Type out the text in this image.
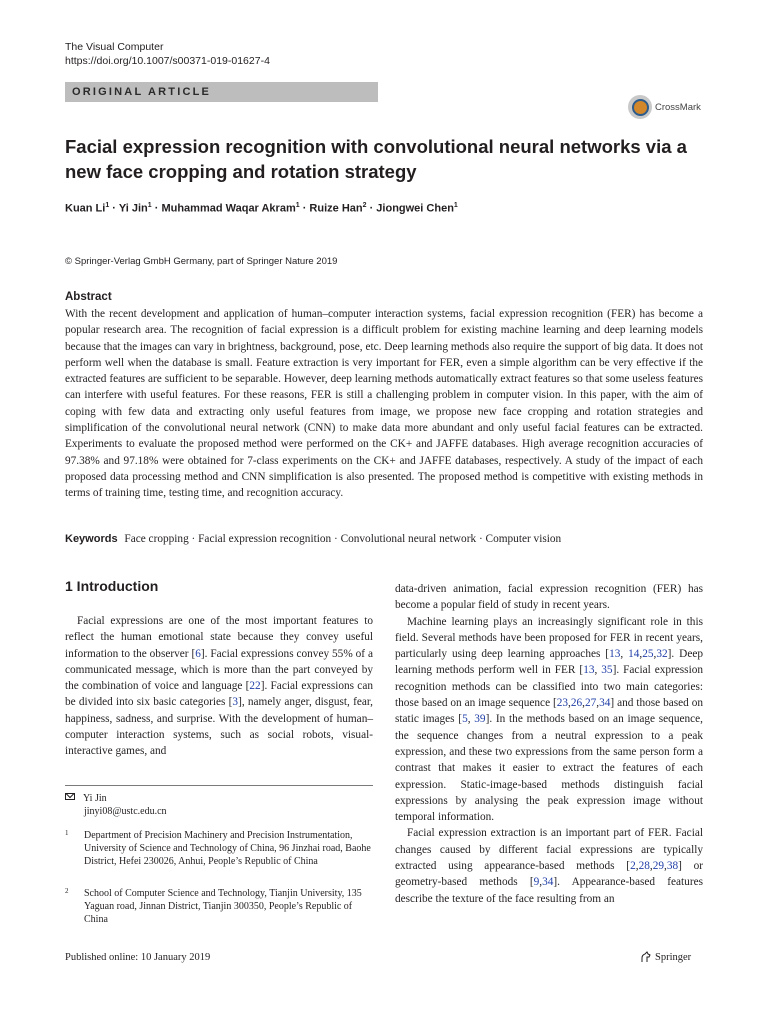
The Visual Computer
https://doi.org/10.1007/s00371-019-01627-4
ORIGINAL ARTICLE
CrossMark
Facial expression recognition with convolutional neural networks via a new face cropping and rotation strategy
Kuan $Li^1 \cdot Yi$ Jin$^1$ · Muhammad Waqar Akram$^1$ · Ruize Han$^2$ · Jiongwei Chen$^1$
© Springer-Verlag GmbH Germany, part of Springer Nature 2019
Abstract
With the recent development and application of human–computer interaction systems, facial expression recognition (FER) has become a popular research area. The recognition of facial expression is a difficult problem for existing machine learning and deep learning models because that the images can vary in brightness, background, pose, etc. Deep learning methods also require the support of big data. It does not perform well when the database is small. Feature extraction is very important for FER, even a simple algorithm can be very effective if the extracted features are sufficient to be separable. However, deep learning methods automatically extract features so that some useless features can interfere with useful features. For these reasons, FER is still a challenging problem in computer vision. In this paper, with the aim of coping with few data and extracting only useful features from image, we propose new face cropping and rotation strategies and simplification of the convolutional neural network (CNN) to make data more abundant and only useful facial features can be extracted. Experiments to evaluate the proposed method were performed on the CK+ and JAFFE databases. High average recognition accuracies of 97.38% and 97.18% were obtained for 7-class experiments on the CK+ and JAFFE databases, respectively. A study of the impact of each proposed data processing method and CNN simplification is also presented. The proposed method is competitive with existing methods in terms of training time, testing time, and recognition accuracy.
Keywords Face cropping · Facial expression recognition · Convolutional neural network · Computer vision
1 Introduction

Facial expressions are one of the most important features to reflect the human emotional state because they convey useful information to the observer [6]. Facial expressions convey 55% of a communicated message, which is more than the part conveyed by the combination of voice and language [22]. Facial expressions can be divided into six basic categories [3], namely anger, disgust, fear, happiness, sadness, and surprise. With the development of human–computer interaction systems, such as social robots, visual-interactive games, and

data-driven animation, facial expression recognition (FER) has become a popular field of study in recent years.

Machine learning plays an increasingly significant role in this field. Several methods have been proposed for FER in recent years, particularly using deep learning approaches [13, 14,25,32]. Deep learning methods perform well in FER [13, 35]. Facial expression recognition methods can be classified into two main categories: those based on an image sequence [23,26,27,34] and those based on static images [5, 39]. In the methods based on an image sequence, the sequence changes from a neutral expression to a peak expression, and these two expressions from the same person form a contrast that makes it easier to extract the features of each expression. Static-image-based methods distinguish facial expressions by analysing the peak expression image without temporal information.

Facial expression extraction is an important part of FER. Facial changes caused by different facial expressions are typically extracted using appearance-based methods [2,28,29,38] or geometry-based methods [9,34]. Appearance-based features describe the texture of the face resulting from an

Yi Jin
jinyi08@ustc.edu.cn
1 Department of Precision Machinery and Precision Instrumentation, University of Science and Technology of China, 96 Jinzhai road, Baohe District, Hefei 230026, Anhui, People’s Republic of China
2 School of Computer Science and Technology, Tianjin University, 135 Yaguan road, Jinnan District, Tianjin 300350, People’s Republic of China
Published online: 10 January 2019	Springer
